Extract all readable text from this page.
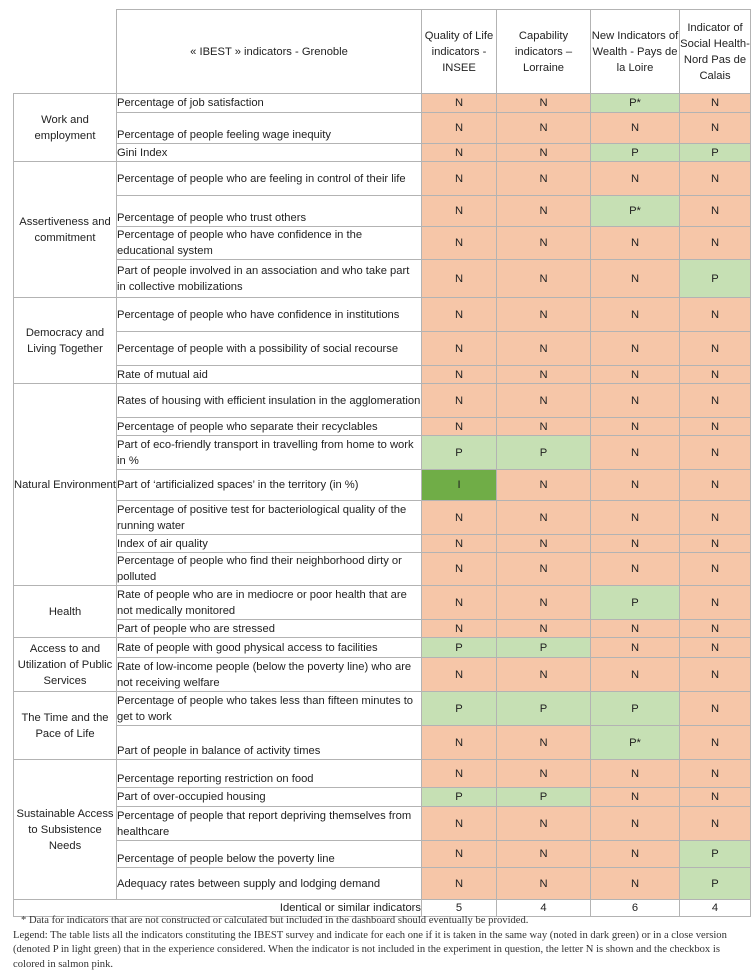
	« IBEST » indicators - Grenoble	Quality of Life indicators - INSEE	Capability indicators – Lorraine	New Indicators of Wealth - Pays de la Loire	Indicator of Social Health- Nord Pas de Calais
Work and employment	Percentage of job satisfaction	N	N	P*	N
	Percentage of people feeling wage inequity	N	N	N	N
	Gini Index	N	N	P	P
Assertiveness and commitment	Percentage of people who are feeling in control of their life	N	N	N	N
	Percentage of people who trust others	N	N	P*	N
	Percentage of people who have confidence in the educational system	N	N	N	N
	Part of people involved in an association and who take part in collective mobilizations	N	N	N	P
Democracy and Living Together	Percentage of people who have confidence in institutions	N	N	N	N
	Percentage of people with a possibility of social recourse	N	N	N	N
	Rate of mutual aid	N	N	N	N
Natural Environment	Rates of housing with efficient insulation in the agglomeration	N	N	N	N
	Percentage of people who separate their recyclables	N	N	N	N
	Part of eco-friendly transport in travelling from home to work in %	P	P	N	N
	Part of ‘artificialized spaces’ in the territory (in %)	I	N	N	N
	Percentage of positive test for bacteriological quality of the running water	N	N	N	N
	Index of air quality	N	N	N	N
	Percentage of people who find their neighborhood dirty or polluted	N	N	N	N
Health	Rate of people who are in mediocre or poor health that are not medically monitored	N	N	P	N
	Part of people who are stressed	N	N	N	N
Access to and Utilization of Public Services	Rate of people with good physical access to facilities	P	P	N	N
	Rate of low-income people (below the poverty line) who are not receiving welfare	N	N	N	N
The Time and the Pace of Life	Percentage of people who takes less than fifteen minutes to get to work	P	P	P	N
	Part of people in balance of activity times	N	N	P*	N
Sustainable Access to Subsistence Needs	Percentage reporting restriction on food	N	N	N	N
	Part of over-occupied housing	P	P	N	N
	Percentage of people that report depriving themselves from healthcare	N	N	N	N
	Percentage of people below the poverty line	N	N	N	P
	Adequacy rates between supply and lodging demand	N	N	N	P
Identical or similar indicators		5	4	6	4
* Data for indicators that are not constructed or calculated but included in the dashboard should eventually be provided.
Legend: The table lists all the indicators constituting the IBEST survey and indicate for each one if it is taken in the same way (noted in dark green) or in a close version (denoted P in light green) that in the experience considered. When the indicator is not included in the experiment in question, the letter N is shown and the checkbox is colored in salmon pink.
